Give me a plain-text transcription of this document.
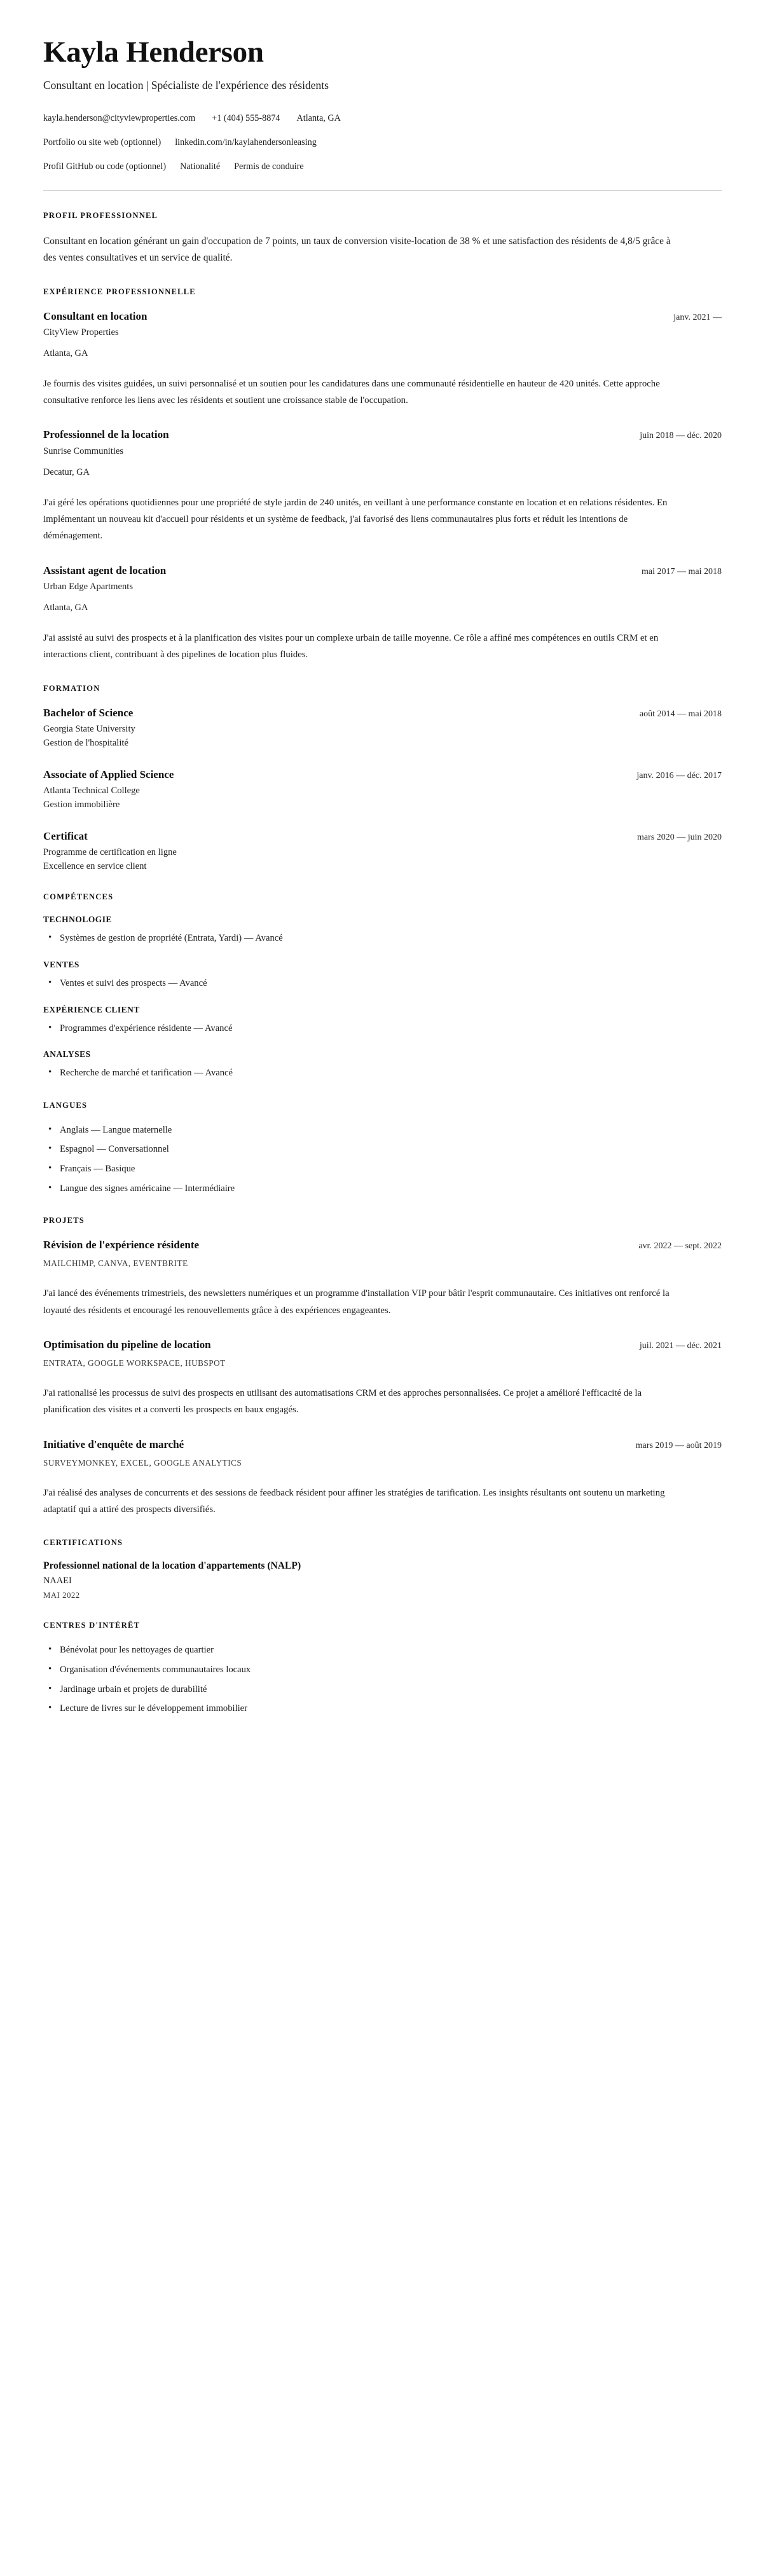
Kayla Henderson

Consultant en location | Spécialiste de l'expérience des résidents

kayla.henderson@cityviewproperties.com +1 (404) 555-8874 Atlanta, GA
Portfolio ou site web (optionnel) linkedin.com/in/kaylahendersonleasing
Profil GitHub ou code (optionnel) Nationalité Permis de conduire
PROFIL PROFESSIONNEL

Consultant en location générant un gain d'occupation de 7 points, un taux de conversion visite-location de 38 % et une satisfaction des résidents de 4,8/5 grâce à des ventes consultatives et un service de qualité.

EXPÉRIENCE PROFESSIONNELLE
Consultant en location	janv. 2021 —

CityView Properties

Atlanta, GA

Je fournis des visites guidées, un suivi personnalisé et un soutien pour les candidatures dans une communauté résidentielle en hauteur de 420 unités. Cette approche consultative renforce les liens avec les résidents et soutient une croissance stable de l'occupation.

Professionnel de la location	juin 2018 — déc. 2020

Sunrise Communities

Decatur, GA

J'ai géré les opérations quotidiennes pour une propriété de style jardin de 240 unités, en veillant à une performance constante en location et en relations résidentes. En implémentant un nouveau kit d'accueil pour résidents et un système de feedback, j'ai favorisé des liens communautaires plus forts et réduit les intentions de déménagement.

Assistant agent de location	mai 2017 — mai 2018

Urban Edge Apartments

Atlanta, GA

J'ai assisté au suivi des prospects et à la planification des visites pour un complexe urbain de taille moyenne. Ce rôle a affiné mes compétences en outils CRM et en interactions client, contribuant à des pipelines de location plus fluides.

FORMATION
Bachelor of Science	août 2014 — mai 2018

Georgia State University

Gestion de l'hospitalité

Associate of Applied Science	janv. 2016 — déc. 2017

Atlanta Technical College

Gestion immobilière

Certificat	mars 2020 — juin 2020

Programme de certification en ligne

Excellence en service client

COMPÉTENCES
TECHNOLOGIE
• Systèmes de gestion de propriété (Entrata, Yardi) — Avancé
VENTES
• Ventes et suivi des prospects — Avancé
EXPÉRIENCE CLIENT
• Programmes d'expérience résidente — Avancé
ANALYSES
• Recherche de marché et tarification — Avancé
LANGUES
• Anglais — Langue maternelle
• Espagnol — Conversationnel
• Français — Basique
• Langue des signes américaine — Intermédiaire
PROJETS
Révision de l'expérience résidente	avr. 2022 — sept. 2022

MAILCHIMP, CANVA, EVENTBRITE

J'ai lancé des événements trimestriels, des newsletters numériques et un programme d'installation VIP pour bâtir l'esprit communautaire. Ces initiatives ont renforcé la loyauté des résidents et encouragé les renouvellements grâce à des expériences engageantes.

Optimisation du pipeline de location	juil. 2021 — déc. 2021

ENTRATA, GOOGLE WORKSPACE, HUBSPOT

J'ai rationalisé les processus de suivi des prospects en utilisant des automatisations CRM et des approches personnalisées. Ce projet a amélioré l'efficacité de la planification des visites et a converti les prospects en baux engagés.

Initiative d'enquête de marché	mars 2019 — août 2019

SURVEYMONKEY, EXCEL, GOOGLE ANALYTICS

J'ai réalisé des analyses de concurrents et des sessions de feedback résident pour affiner les stratégies de tarification. Les insights résultants ont soutenu un marketing adaptatif qui a attiré des prospects diversifiés.

CERTIFICATIONS

Professionnel national de la location d'appartements (NALP)

NAAEI

MAI 2022

CENTRES D'INTÉRÊT
• Bénévolat pour les nettoyages de quartier
• Organisation d'événements communautaires locaux
• Jardinage urbain et projets de durabilité
• Lecture de livres sur le développement immobilier
